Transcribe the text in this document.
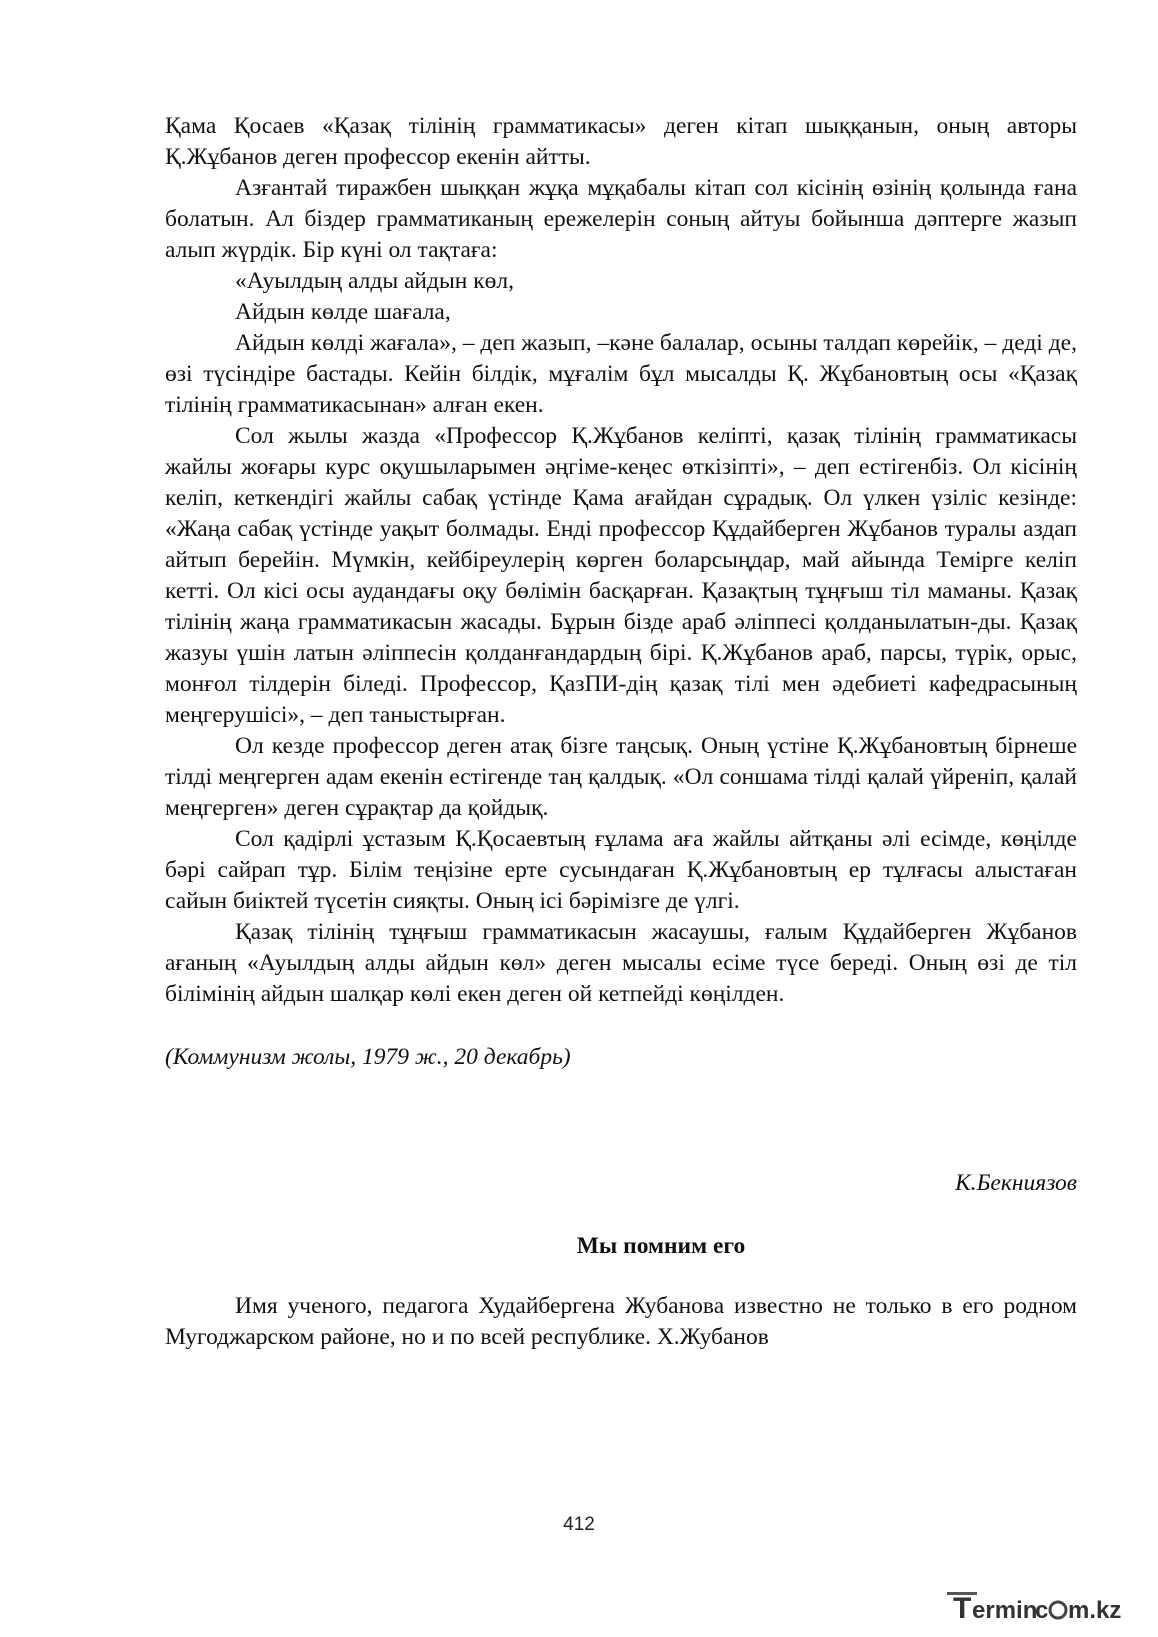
Қама Қосаев «Қазақ тілінің грамматикасы» деген кітап шыққанын, оның авторы Қ.Жұбанов деген профессор екенін айтты.

Азғантай тиражбен шыққан жұқа мұқабалы кітап сол кісінің өзінің қолында ғана болатын. Ал біздер грамматиканың ережелерін соның айтуы бойынша дәптерге жазып алып жүрдік. Бір күні ол тақтаға:

«Ауылдың алды айдын көл,

Айдын көлде шағала,

Айдын көлді жағала», – деп жазып, –кәне балалар, осыны талдап көрейік, – деді де, өзі түсіндіре бастады. Кейін білдік, мұғалім бұл мысалды Қ. Жұбановтың осы «Қазақ тілінің грамматикасынан» алған екен.

Сол жылы жазда «Профессор Қ.Жұбанов келіпті, қазақ тілінің грамматикасы жайлы жоғары курс оқушыларымен әңгіме-кеңес өткізіпті», – деп естігенбіз. Ол кісінің келіп, кеткендігі жайлы сабақ үстінде Қама ағайдан сұрадық. Ол үлкен үзіліс кезінде: «Жаңа сабақ үстінде уақыт болмады. Енді профессор Құдайберген Жұбанов туралы аздап айтып берейін. Мүмкін, кейбіреулерің көрген боларсыңдар, май айында Теміргe келіп кетті. Ол кісі осы аудандағы оқу бөлімін басқарған. Қазақтың тұңғыш тіл маманы. Қазақ тілінің жаңа грамматикасын жасады. Бұрын бізде араб әліппесі қолданылатын-ды. Қазақ жазуы үшін латын әліппесін қолданғандардың бірі. Қ.Жұбанов араб, парсы, түрік, орыс, монғол тілдерін біледі. Профессор, ҚазПИ-дің қазақ тілі мен әдебиеті кафедрасының меңгерушісі», – деп таныстырған.

Ол кезде профессор деген атақ бізге таңсық. Оның үстіне Қ.Жұбановтың бірнеше тілді меңгерген адам екенін естігенде таң қалдық. «Ол соншама тілді қалай үйреніп, қалай меңгерген» деген сұрақтар да қойдық.

Сол қадірлі ұстазым Қ.Қосаевтың ғұлама аға жайлы айтқаны әлі есімде, көңілде бәрі сайрап тұр. Білім теңізіне ерте сусындаған Қ.Жұбановтың ер тұлғасы алыстаған сайын биіктей түсетін сияқты. Оның ісі бәрімізге де үлгі.

Қазақ тілінің тұңғыш грамматикасын жасаушы, ғалым Құдайберген Жұбанов ағаның «Ауылдың алды айдын көл» деген мысалы есіме түсе береді. Оның өзі де тіл білімінің айдын шалқар көлі екен деген ой кетпейді көңілден.

(Коммунизм жолы, 1979 ж., 20 декабрь)

К.Бекниязов

Мы помним его

Имя ученого, педагога Худайбергена Жубанова известно не только в его родном Мугоджарском районе, но и по всей республике. Х.Жубанов

412
T ermin
c m.kz
